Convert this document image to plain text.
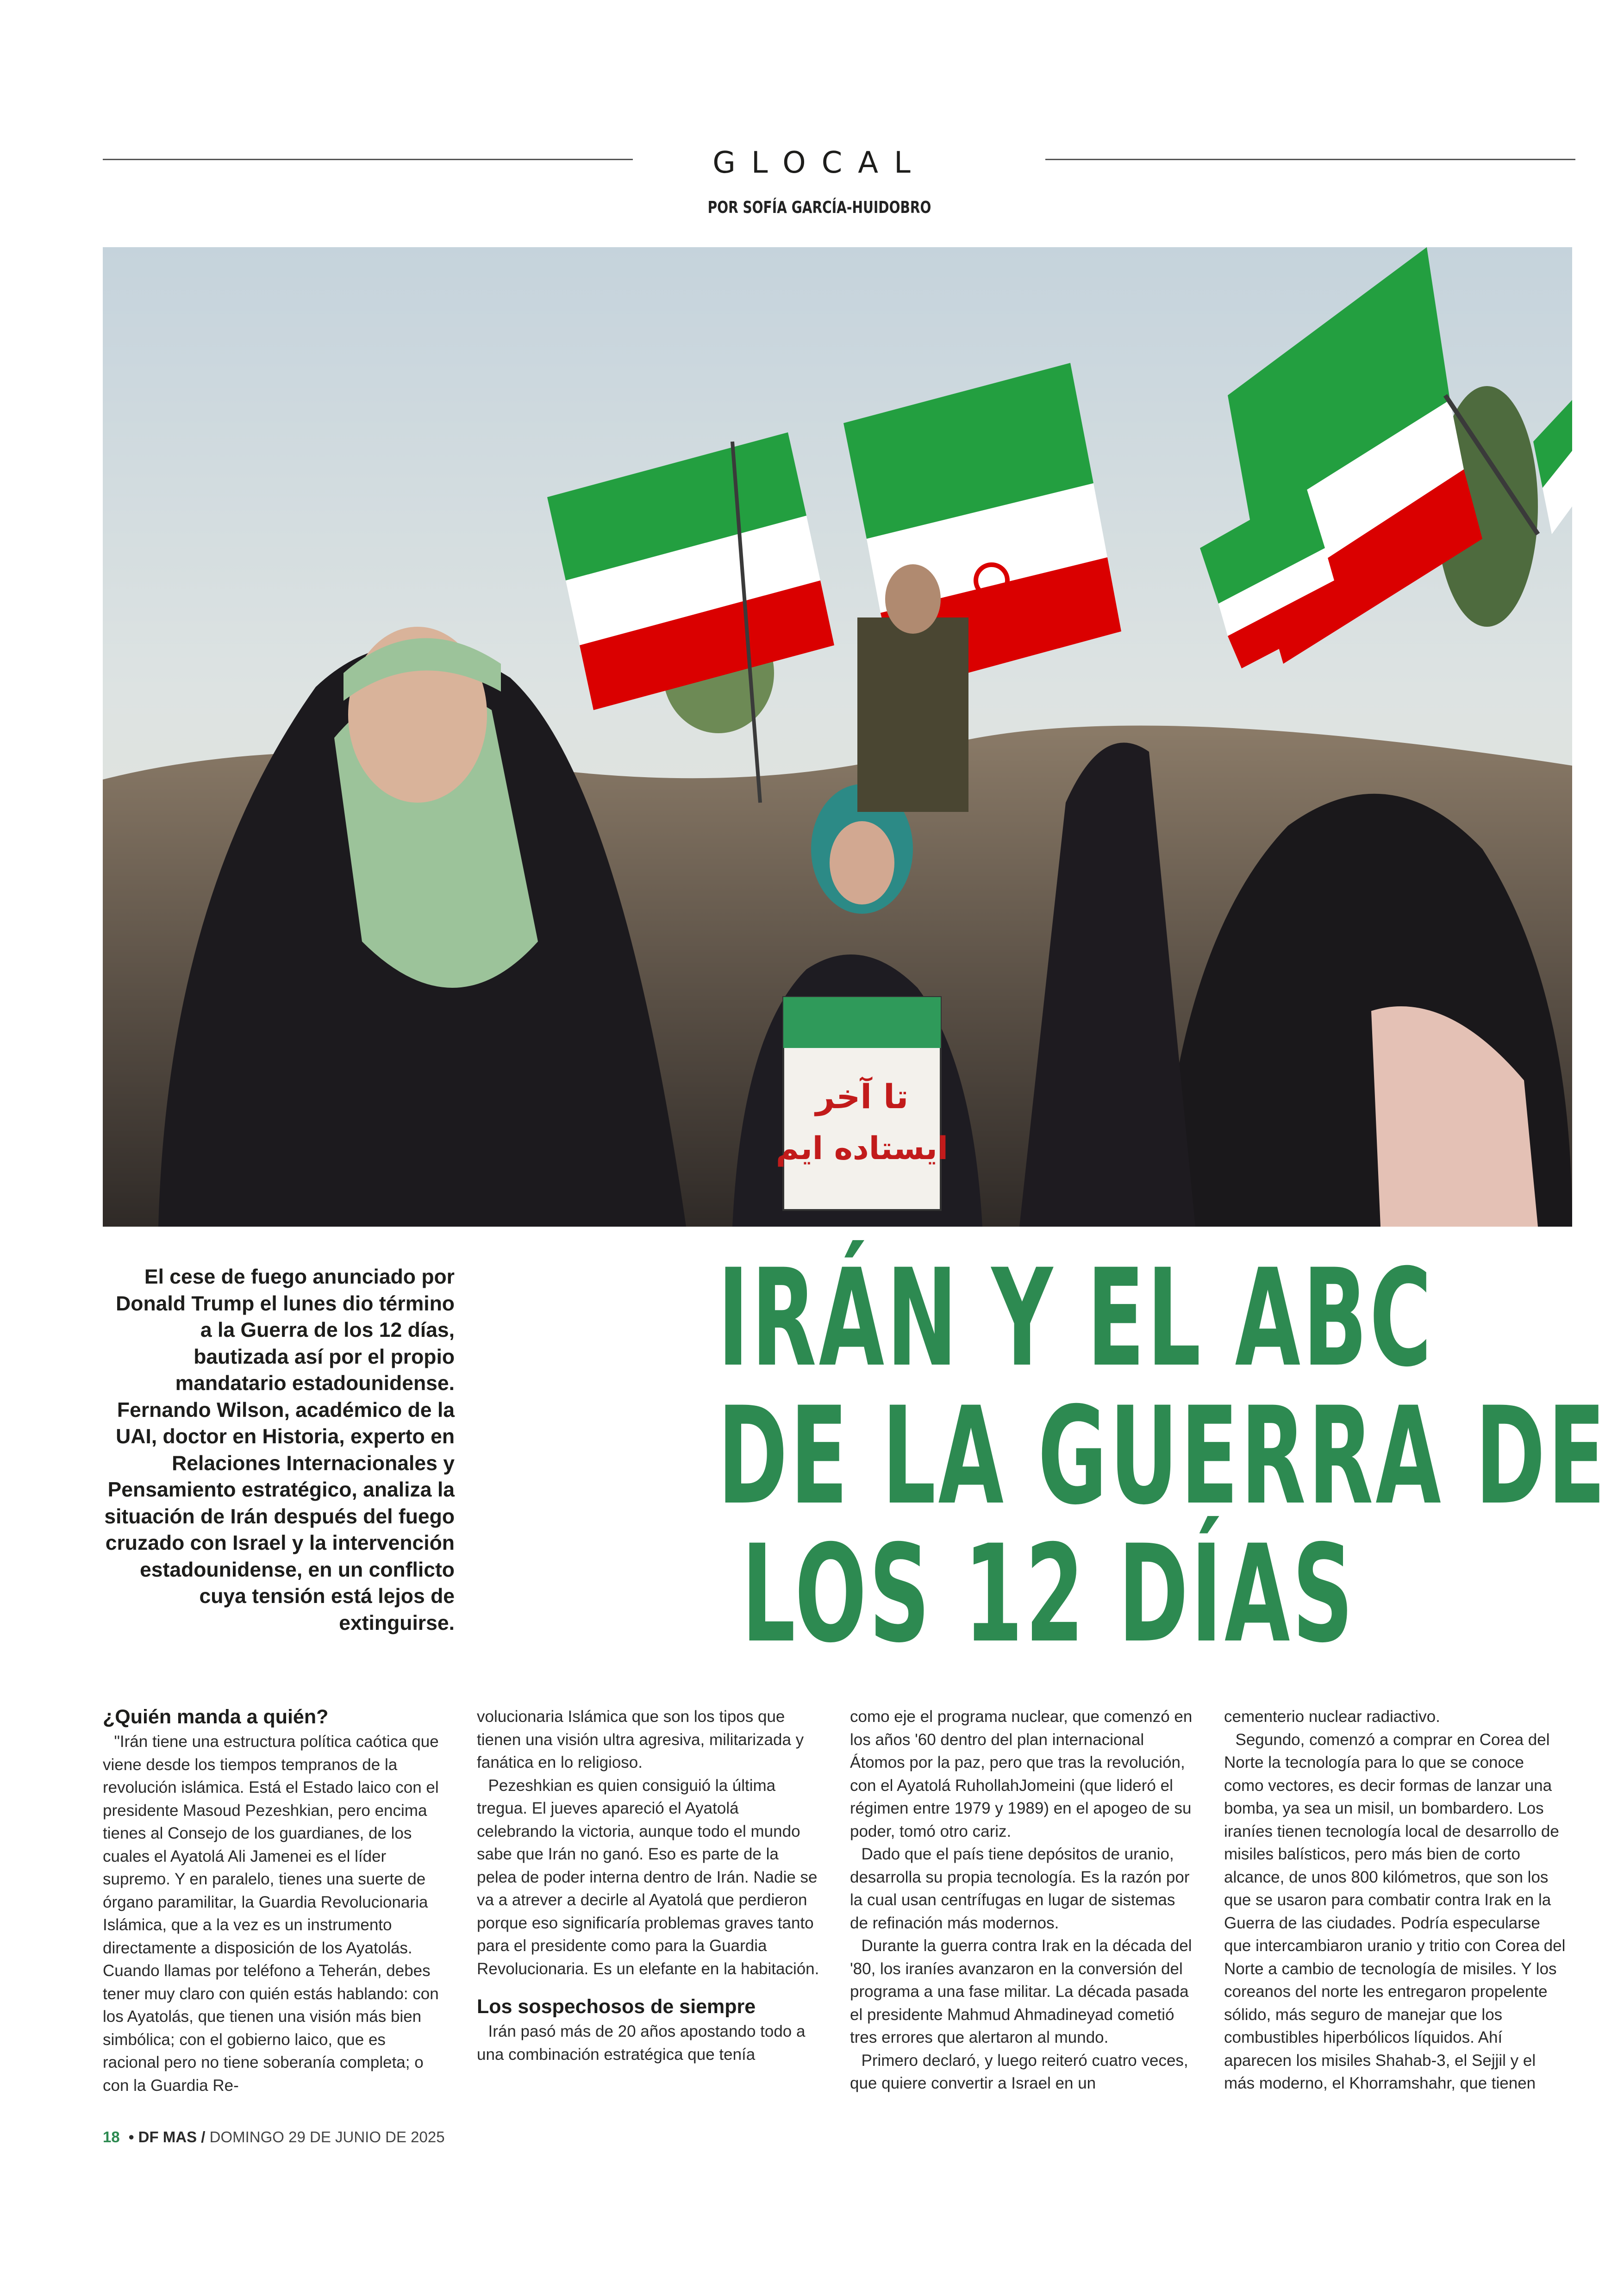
GLOCAL
POR SOFÍA GARCÍA-HUIDOBRO
تا آخر
ایستاده ایم
El cese de fuego anunciado por Donald Trump el lunes dio término a la Guerra de los 12 días, bautizada así por el propio mandatario estadounidense. Fernando Wilson, académico de la UAI, doctor en Historia, experto en Relaciones Internacionales y Pensamiento estratégico, analiza la situación de Irán después del fuego cruzado con Israel y la intervención estadounidense, en un conflicto cuya tensión está lejos de extinguirse.
IRÁN Y EL ABC
DE LA GUERRA DE
LOS 12 DÍAS
¿Quién manda a quién?

"Irán tiene una estructura política caótica que viene desde los tiempos tempranos de la revolución islámica. Está el Estado laico con el presidente Masoud Pezeshkian, pero encima tienes al Consejo de los guardianes, de los cuales el Ayatolá Ali Jamenei es el líder supremo. Y en paralelo, tienes una suerte de órgano paramilitar, la Guardia Revolucionaria Islámica, que a la vez es un instrumento directamente a disposición de los Ayatolás. Cuando llamas por teléfono a Teherán, debes tener muy claro con quién estás hablando: con los Ayatolás, que tienen una visión más bien simbólica; con el gobierno laico, que es racional pero no tiene soberanía completa; o con la Guardia Re-

volucionaria Islámica que son los tipos que tienen una visión ultra agresiva, militarizada y fanática en lo religioso.

Pezeshkian es quien consiguió la última tregua. El jueves apareció el Ayatolá celebrando la victoria, aunque todo el mundo sabe que Irán no ganó. Eso es parte de la pelea de poder interna dentro de Irán. Nadie se va a atrever a decirle al Ayatolá que perdieron porque eso significaría problemas graves tanto para el presidente como para la Guardia Revolucionaria. Es un elefante en la habitación.

Los sospechosos de siempre

Irán pasó más de 20 años apostando todo a una combinación estratégica que tenía

como eje el programa nuclear, que comenzó en los años '60 dentro del plan internacional Átomos por la paz, pero que tras la revolución, con el Ayatolá RuhollahJomeini (que lideró el régimen entre 1979 y 1989) en el apogeo de su poder, tomó otro cariz.

Dado que el país tiene depósitos de uranio, desarrolla su propia tecnología. Es la razón por la cual usan centrífugas en lugar de sistemas de refinación más modernos.

Durante la guerra contra Irak en la década del '80, los iraníes avanzaron en la conversión del programa a una fase militar. La década pasada el presidente Mahmud Ahmadineyad cometió tres errores que alertaron al mundo.

Primero declaró, y luego reiteró cuatro veces, que quiere convertir a Israel en un

cementerio nuclear radiactivo.

Segundo, comenzó a comprar en Corea del Norte la tecnología para lo que se conoce como vectores, es decir formas de lanzar una bomba, ya sea un misil, un bombardero. Los iraníes tienen tecnología local de desarrollo de misiles balísticos, pero más bien de corto alcance, de unos 800 kilómetros, que son los que se usaron para combatir contra Irak en la Guerra de las ciudades. Podría especularse que intercambiaron uranio y tritio con Corea del Norte a cambio de tecnología de misiles. Y los coreanos del norte les entregaron propelente sólido, más seguro de manejar que los combustibles hiperbólicos líquidos. Ahí aparecen los misiles Shahab-3, el Sejjil y el más moderno, el Khorramshahr, que tienen

18 • DF MAS / DOMINGO 29 DE JUNIO DE 2025
